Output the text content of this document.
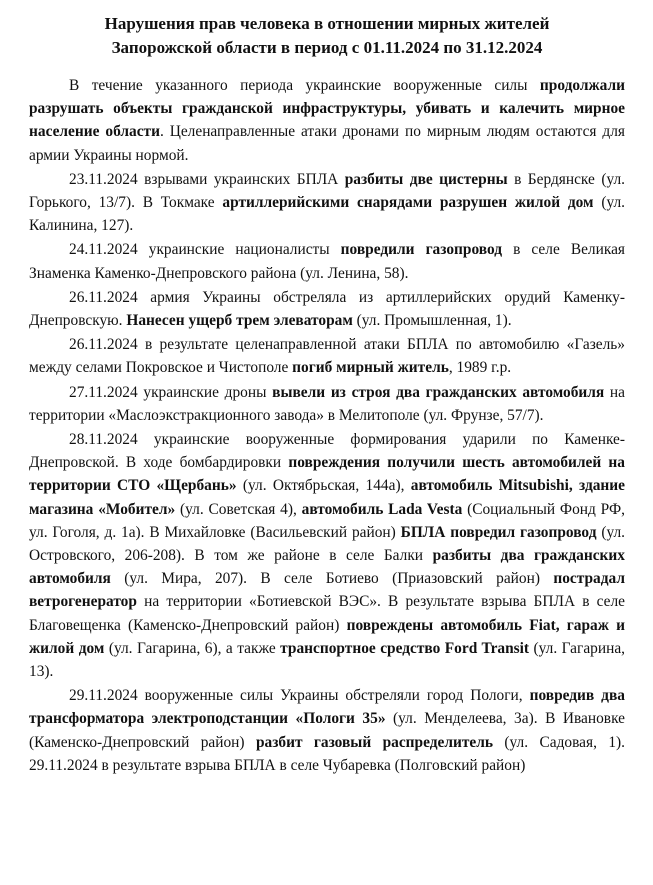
Нарушения прав человека в отношении мирных жителей
Запорожской области в период с 01.11.2024 по 31.12.2024

В течение указанного периода украинские вооруженные силы продолжали разрушать объекты гражданской инфраструктуры, убивать и калечить мирное население области. Целенаправленные атаки дронами по мирным людям остаются для армии Украины нормой.

23.11.2024 взрывами украинских БПЛА разбиты две цистерны в Бердянске (ул. Горького, 13/7). В Токмаке артиллерийскими снарядами разрушен жилой дом (ул. Калинина, 127).

24.11.2024 украинские националисты повредили газопровод в селе Великая Знаменка Каменко-Днепровского района (ул. Ленина, 58).

26.11.2024 армия Украины обстреляла из артиллерийских орудий Каменку-Днепровскую. Нанесен ущерб трем элеваторам (ул. Промышленная, 1).

26.11.2024 в результате целенаправленной атаки БПЛА по автомобилю «Газель» между селами Покровское и Чистополе погиб мирный житель, 1989 г.р.

27.11.2024 украинские дроны вывели из строя два гражданских автомобиля на территории «Маслоэкстракционного завода» в Мелитополе (ул. Фрунзе, 57/7).

28.11.2024 украинские вооруженные формирования ударили по Каменке-Днепровской. В ходе бомбардировки повреждения получили шесть автомобилей на территории СТО «Щербань» (ул. Октябрьская, 144а), автомобиль Mitsubishi, здание магазина «Мобител» (ул. Советская 4), автомобиль Lada Vesta (Социальный Фонд РФ, ул. Гоголя, д. 1а). В Михайловке (Васильевский район) БПЛА повредил газопровод (ул. Островского, 206-208). В том же районе в селе Балки разбиты два гражданских автомобиля (ул. Мира, 207). В селе Ботиево (Приазовский район) пострадал ветрогенератор на территории «Ботиевской ВЭС». В результате взрыва БПЛА в селе Благовещенка (Каменско-Днепровский район) повреждены автомобиль Fiat, гараж и жилой дом (ул. Гагарина, 6), а также транспортное средство Ford Transit (ул. Гагарина, 13).

29.11.2024 вооруженные силы Украины обстреляли город Пологи, повредив два трансформатора электроподстанции «Пологи 35» (ул. Менделеева, 3а). В Ивановке (Каменско-Днепровский район) разбит газовый распределитель (ул. Садовая, 1). 29.11.2024 в результате взрыва БПЛА в селе Чубаревка (Полговский район)
